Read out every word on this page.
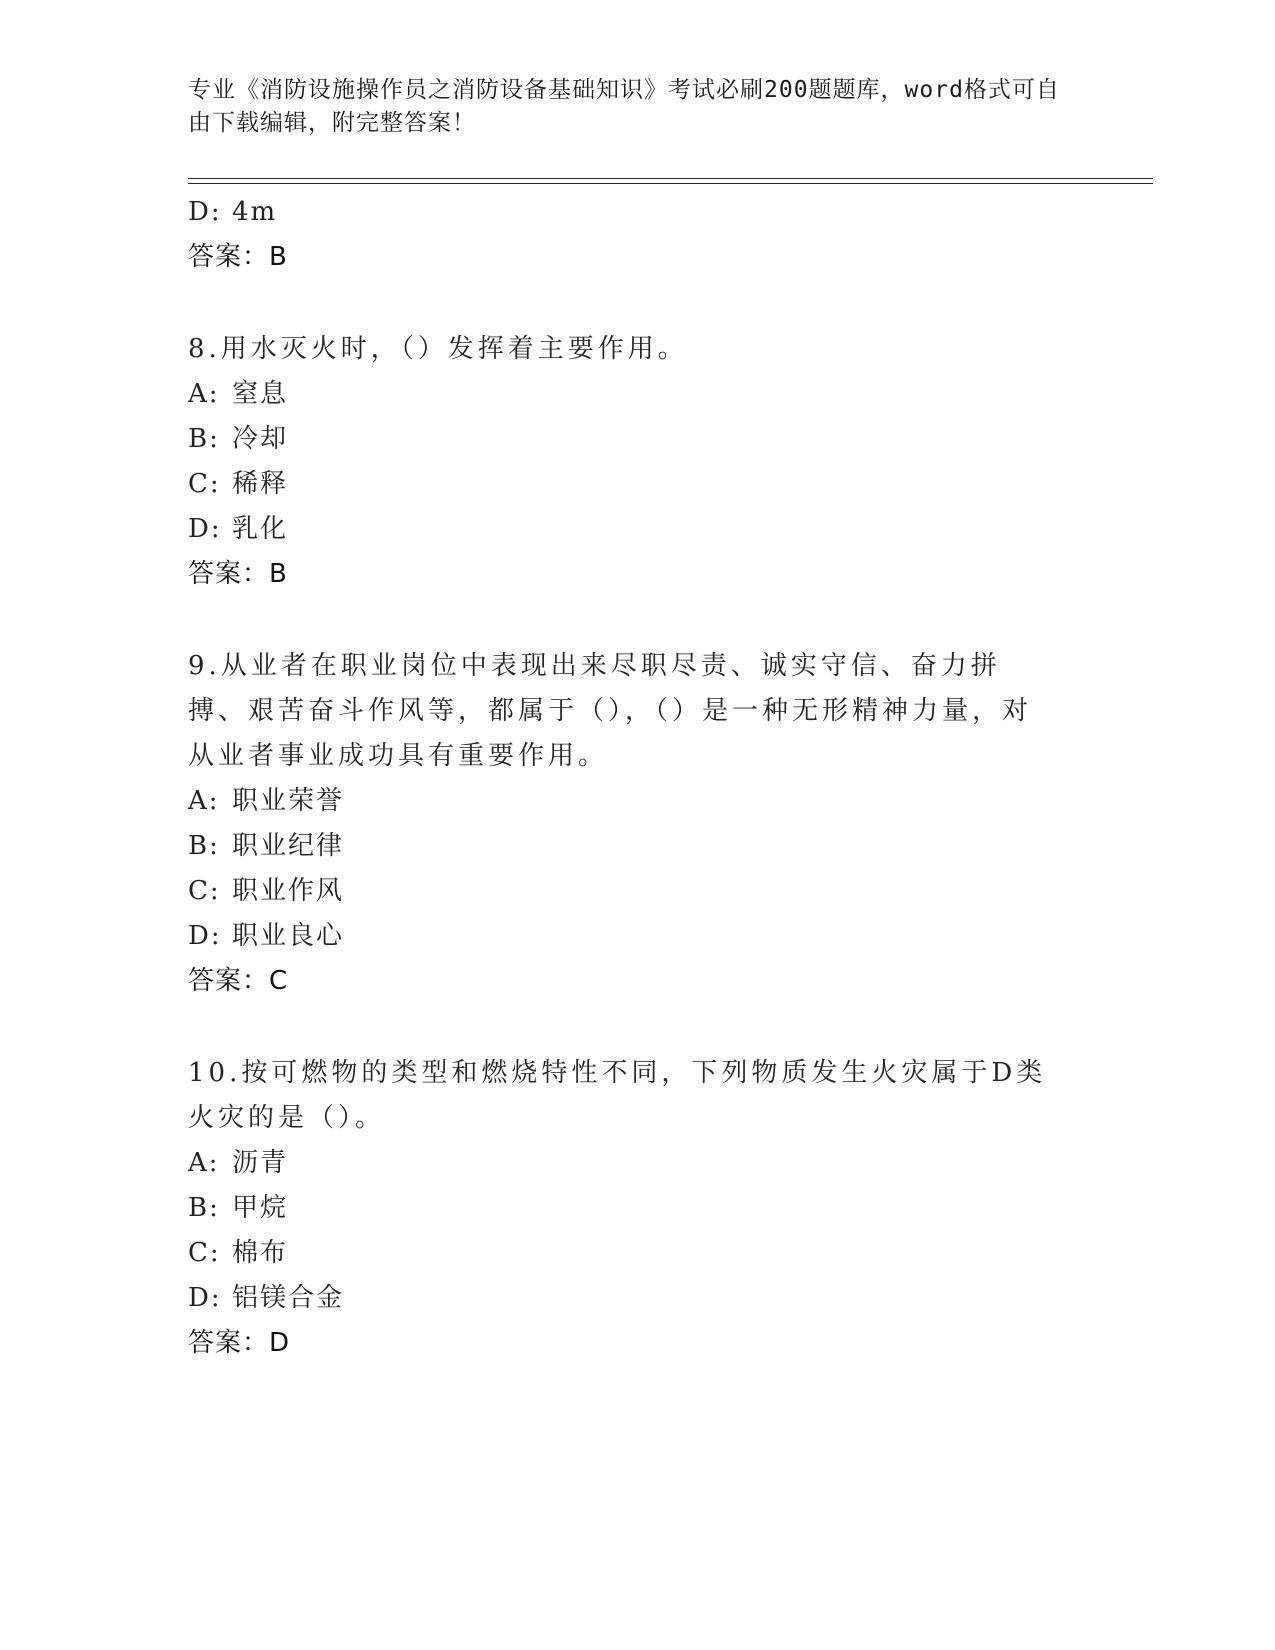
专业《消防设施操作员之消防设备基础知识》考试必刷200题题库，word格式可自由下载编辑，附完整答案！
D: 4m
答案：B
8.用水灭火时，（）发挥着主要作用。
A: 窒息
B: 冷却
C: 稀释
D: 乳化
答案：B
9.从业者在职业岗位中表现出来尽职尽责、诚实守信、奋力拼搏、艰苦奋斗作风等，都属于（），（）是一种无形精神力量，对从业者事业成功具有重要作用。
A: 职业荣誉
B: 职业纪律
C: 职业作风
D: 职业良心
答案：C
10.按可燃物的类型和燃烧特性不同，下列物质发生火灾属于D类火灾的是（）。
A: 沥青
B: 甲烷
C: 棉布
D: 铝镁合金
答案：D
